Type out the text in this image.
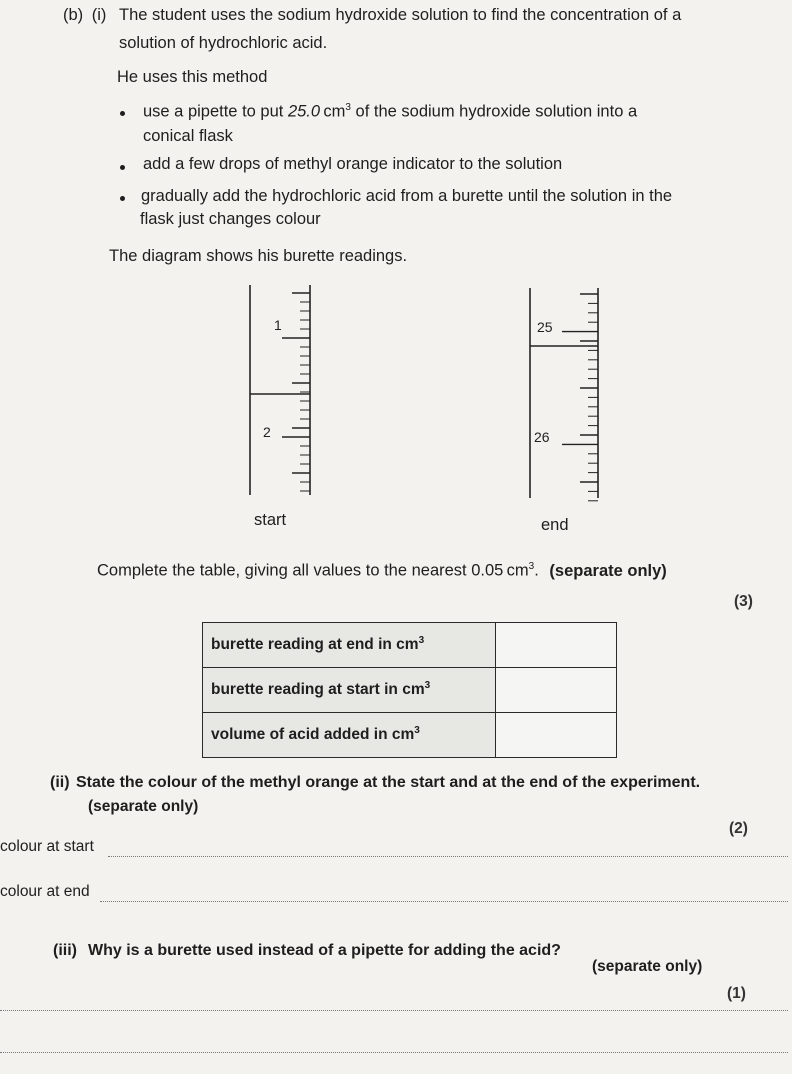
(b) (i) The student uses the sodium hydroxide solution to find the concentration of a
solution of hydrochloric acid.
He uses this method
use a pipette to put 25.0  $cm^3$ of the sodium hydroxide solution into a
conical flask
add a few drops of methyl orange indicator to the solution
gradually add the hydrochloric acid from a burette until the solution in the
flask just changes colour
The diagram shows his burette readings.
1
2
start
25
26
end
Complete the table, giving all values to the nearest 0.05  $cm^3$. (separate only)
(3)
burette reading at end in $cm^3$	
burette reading at start in $cm^3$	
volume of acid added in $cm^3$	
(ii) State the colour of the methyl orange at the start and at the end of the experiment.
(separate only)
(2)
colour at start
colour at end
(iii) Why is a burette used instead of a pipette for adding the acid?
(separate only)
(1)
